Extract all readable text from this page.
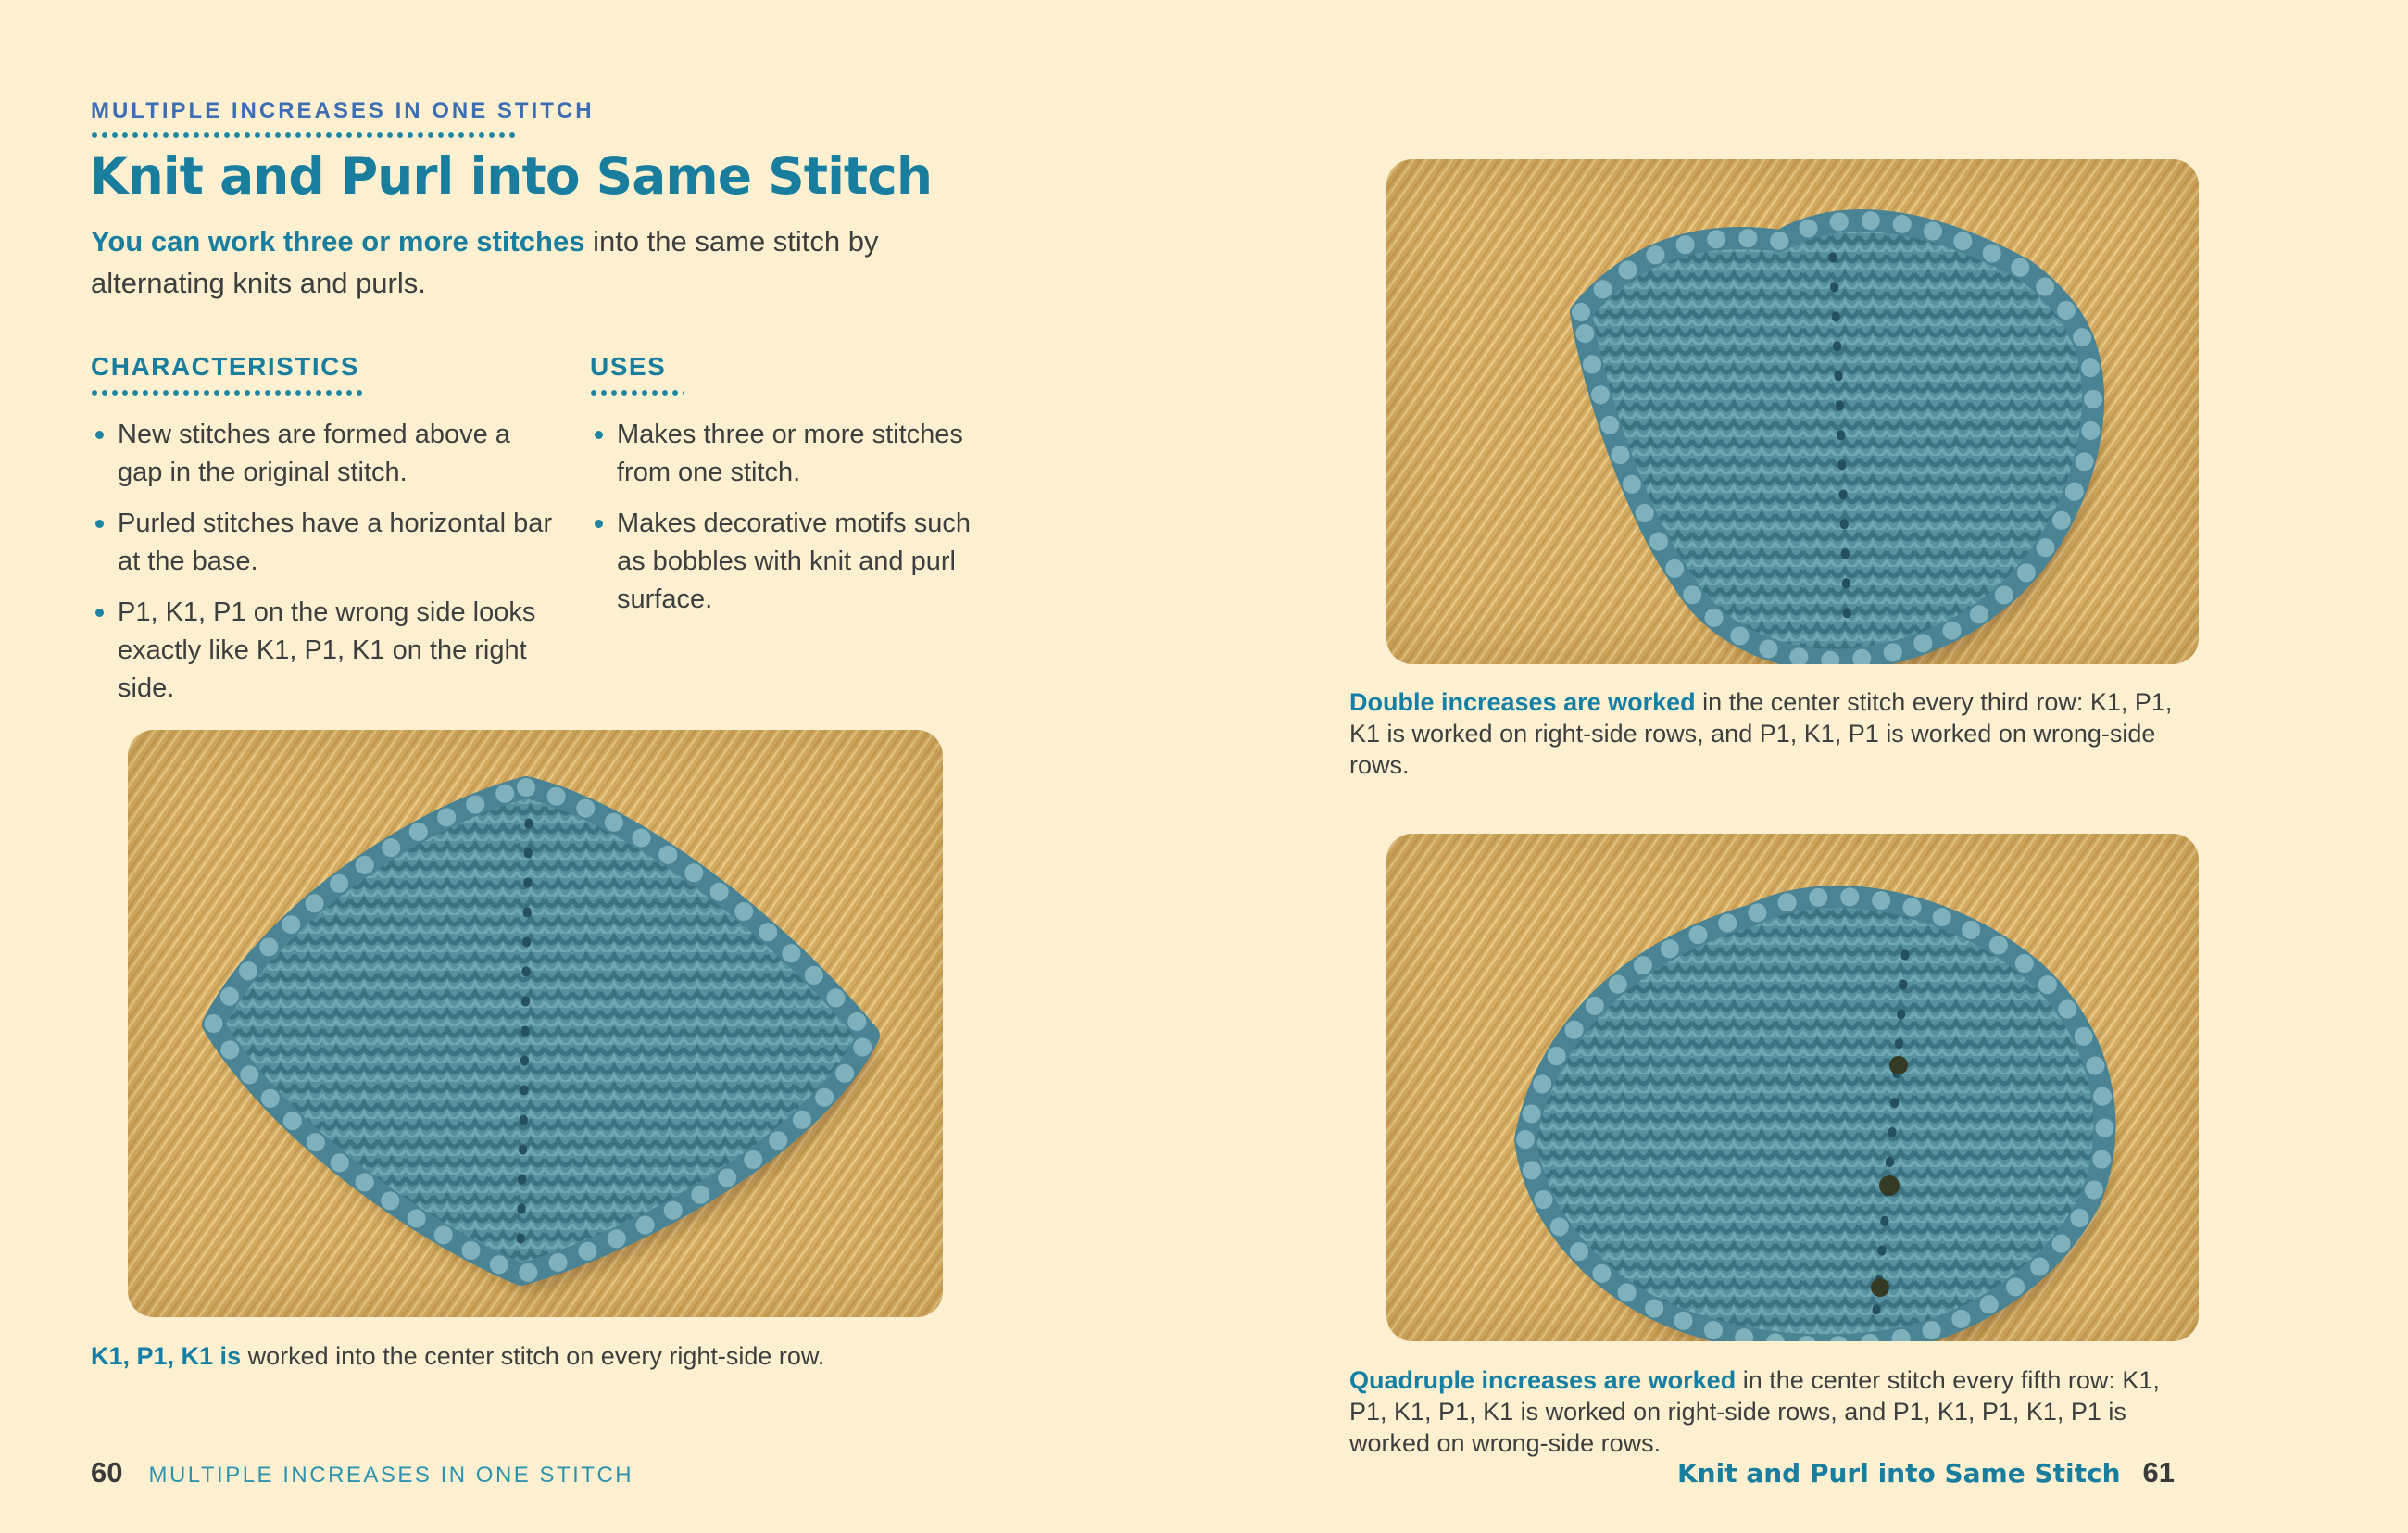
MULTIPLE INCREASES IN ONE STITCH
Knit and Purl into Same Stitch

You can work three or more stitches into the same stitch by alternating knits and purls.

CHARACTERISTICS
New stitches are formed above a gap in the original stitch.
Purled stitches have a horizontal bar at the base.
P1, K1, P1 on the wrong side looks exactly like K1, P1, K1 on the right side.
USES
Makes three or more stitches from one stitch.
Makes decorative motifs such as bobbles with knit and purl surface.

K1, P1, K1 is worked into the center stitch on every right-side row.

60 MULTIPLE INCREASES IN ONE STITCH

Double increases are worked in the center stitch every third row: K1, P1, K1 is worked on right-side rows, and P1, K1, P1 is worked on wrong-side rows.

Quadruple increases are worked in the center stitch every fifth row: K1, P1, K1, P1, K1 is worked on right-side rows, and P1, K1, P1, K1, P1 is worked on wrong-side rows.

Knit and Purl into Same Stitch 61
